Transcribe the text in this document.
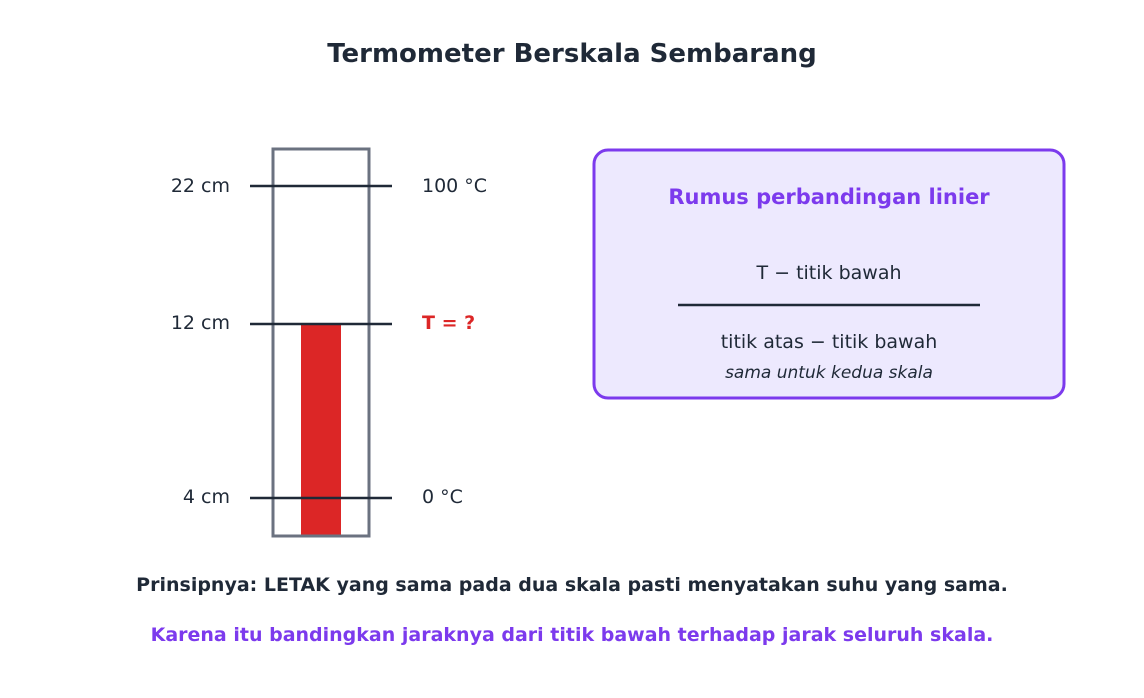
Termometer Berskala Sembarang
22 cm	100 °C
12 cm	T = ?
4 cm	0 °C
Rumus perbandingan linier
T − titik bawah
titik atas − titik bawah
sama untuk kedua skala
Prinsipnya: LETAK yang sama pada dua skala pasti menyatakan suhu yang sama.
Karena itu bandingkan jaraknya dari titik bawah terhadap jarak seluruh skala.
